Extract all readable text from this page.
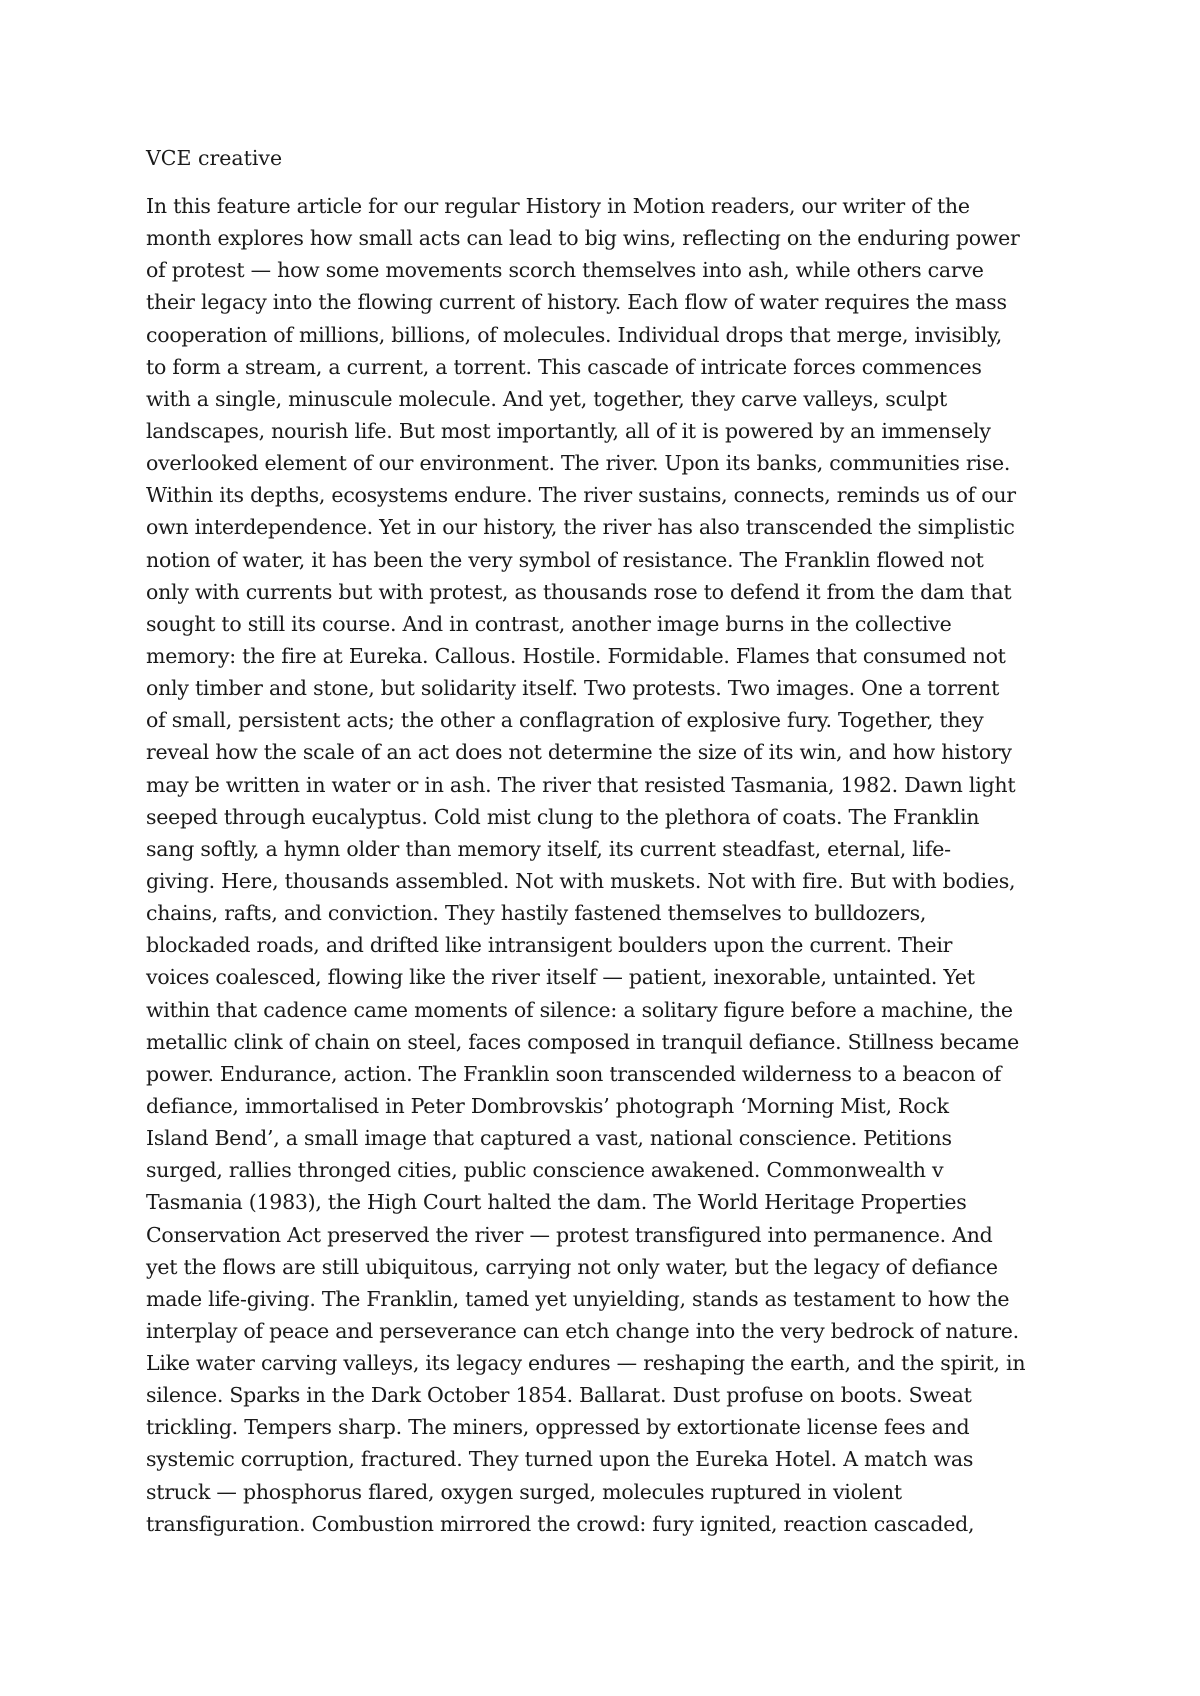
VCE creative
In this feature article for our regular History in Motion readers, our writer of the
month explores how small acts can lead to big wins, reflecting on the enduring power
of protest — how some movements scorch themselves into ash, while others carve
their legacy into the flowing current of history. Each flow of water requires the mass
cooperation of millions, billions, of molecules. Individual drops that merge, invisibly,
to form a stream, a current, a torrent. This cascade of intricate forces commences
with a single, minuscule molecule. And yet, together, they carve valleys, sculpt
landscapes, nourish life. But most importantly, all of it is powered by an immensely
overlooked element of our environment. The river. Upon its banks, communities rise.
Within its depths, ecosystems endure. The river sustains, connects, reminds us of our
own interdependence. Yet in our history, the river has also transcended the simplistic
notion of water, it has been the very symbol of resistance. The Franklin flowed not
only with currents but with protest, as thousands rose to defend it from the dam that
sought to still its course. And in contrast, another image burns in the collective
memory: the fire at Eureka. Callous. Hostile. Formidable. Flames that consumed not
only timber and stone, but solidarity itself. Two protests. Two images. One a torrent
of small, persistent acts; the other a conflagration of explosive fury. Together, they
reveal how the scale of an act does not determine the size of its win, and how history
may be written in water or in ash. The river that resisted Tasmania, 1982. Dawn light
seeped through eucalyptus. Cold mist clung to the plethora of coats. The Franklin
sang softly, a hymn older than memory itself, its current steadfast, eternal, life-
giving. Here, thousands assembled. Not with muskets. Not with fire. But with bodies,
chains, rafts, and conviction. They hastily fastened themselves to bulldozers,
blockaded roads, and drifted like intransigent boulders upon the current. Their
voices coalesced, flowing like the river itself — patient, inexorable, untainted. Yet
within that cadence came moments of silence: a solitary figure before a machine, the
metallic clink of chain on steel, faces composed in tranquil defiance. Stillness became
power. Endurance, action. The Franklin soon transcended wilderness to a beacon of
defiance, immortalised in Peter Dombrovskis’ photograph ‘Morning Mist, Rock
Island Bend’, a small image that captured a vast, national conscience. Petitions
surged, rallies thronged cities, public conscience awakened. Commonwealth v
Tasmania (1983), the High Court halted the dam. The World Heritage Properties
Conservation Act preserved the river — protest transfigured into permanence. And
yet the flows are still ubiquitous, carrying not only water, but the legacy of defiance
made life-giving. The Franklin, tamed yet unyielding, stands as testament to how the
interplay of peace and perseverance can etch change into the very bedrock of nature.
Like water carving valleys, its legacy endures — reshaping the earth, and the spirit, in
silence. Sparks in the Dark October 1854. Ballarat. Dust profuse on boots. Sweat
trickling. Tempers sharp. The miners, oppressed by extortionate license fees and
systemic corruption, fractured. They turned upon the Eureka Hotel. A match was
struck — phosphorus flared, oxygen surged, molecules ruptured in violent
transfiguration. Combustion mirrored the crowd: fury ignited, reaction cascaded,
